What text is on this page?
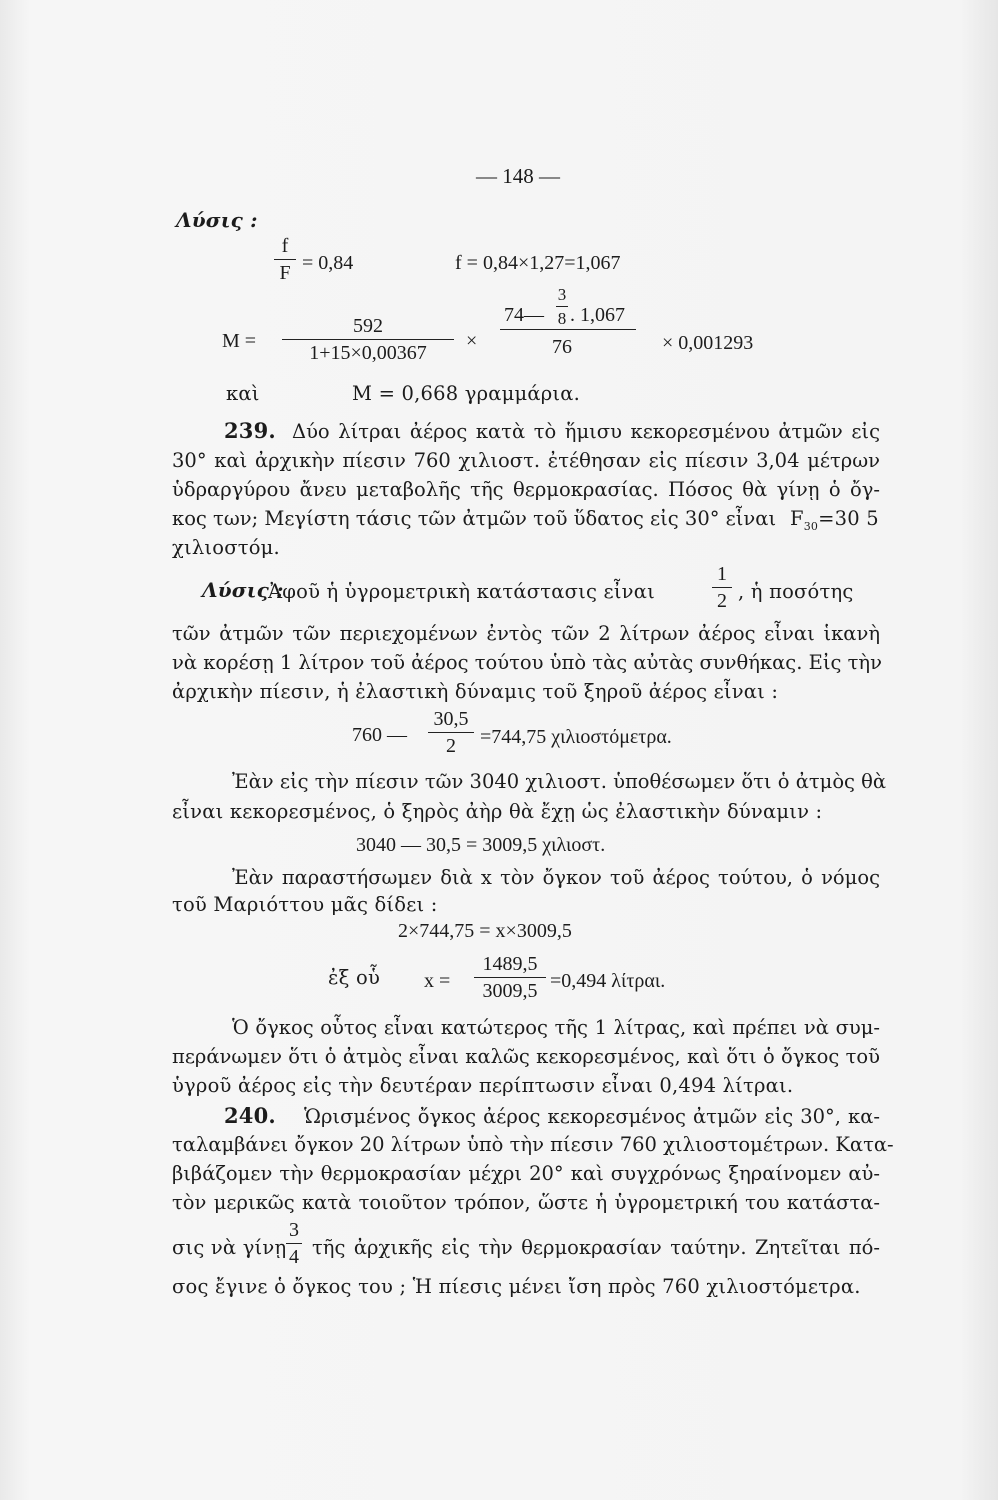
— 148 —
Λύσις :
f
F = 0,84	f = 0,84×1,27=1,067
M =
592
1+15×0,00367
×
74—
3
8 . 1,067
76	× 0,001293
καὶ	M = 0,668 γραμμάρια.
239. Δύο λίτραι ἀέρος κατὰ τὸ ἥμισυ κεκορεσμένου ἀτμῶν εἰς
30° καὶ ἀρχικὴν πίεσιν 760 χιλιοστ. ἐτέθησαν εἰς πίεσιν 3,04 μέτρων
ὑδραργύρου ἄνευ μεταβολῆς τῆς θερμοκρασίας. Πόσος θὰ γίνῃ ὁ ὄγ-
κος των; Μεγίστη τάσις τῶν ἀτμῶν τοῦ ὕδατος εἰς 30° εἶναι $F_{30}=30$ 5
χιλιοστόμ.
Λύσις :
Ἀφοῦ ἡ ὑγρομετρικὴ κατάστασις εἶναι
1
2 , ἡ ποσότης
τῶν ἀτμῶν τῶν περιεχομένων ἐντὸς τῶν 2 λίτρων ἀέρος εἶναι ἱκανὴ
νὰ κορέσῃ 1 λίτρον τοῦ ἀέρος τούτου ὑπὸ τὰς αὐτὰς συνθήκας. Εἰς τὴν
ἀρχικὴν πίεσιν, ἡ ἐλαστικὴ δύναμις τοῦ ξηροῦ ἀέρος εἶναι :
760 —
30,5
2 =744,75 χιλιοστόμετρα.
Ἐὰν εἰς τὴν πίεσιν τῶν 3040 χιλιοστ. ὑποθέσωμεν ὅτι ὁ ἀτμὸς θὰ
εἶναι κεκορεσμένος, ὁ ξηρὸς ἀὴρ θὰ ἔχῃ ὡς ἐλαστικὴν δύναμιν :
3040 — 30,5 = 3009,5 χιλιοστ.
Ἐὰν παραστήσωμεν διὰ x τὸν ὄγκον τοῦ ἀέρος τούτου, ὁ νόμος
τοῦ Μαριόττου μᾶς δίδει :
2×744,75 = x×3009,5
ἐξ οὗ x =
1489,5
3009,5 =0,494 λίτραι.
Ὁ ὄγκος οὗτος εἶναι κατώτερος τῆς 1 λίτρας, καὶ πρέπει νὰ συμ-
περάνωμεν ὅτι ὁ ἀτμὸς εἶναι καλῶς κεκορεσμένος, καὶ ὅτι ὁ ὄγκος τοῦ
ὑγροῦ ἀέρος εἰς τὴν δευτέραν περίπτωσιν εἶναι 0,494 λίτραι.
240. Ὡρισμένος ὄγκος ἀέρος κεκορεσμένος ἀτμῶν εἰς 30°, κα-
ταλαμβάνει ὄγκον 20 λίτρων ὑπὸ τὴν πίεσιν 760 χιλιοστομέτρων. Κατα-
βιβάζομεν τὴν θερμοκρασίαν μέχρι 20° καὶ συγχρόνως ξηραίνομεν αὐ-
τὸν μερικῶς κατὰ τοιοῦτον τρόπον, ὥστε ἡ ὑγρομετρική του κατάστα-
σις νὰ γίνῃ
3
4 τῆς ἀρχικῆς εἰς τὴν θερμοκρασίαν ταύτην. Ζητεῖται πό-
σος ἔγινε ὁ ὄγκος του ; Ἡ πίεσις μένει ἴση πρὸς 760 χιλιοστόμετρα.
